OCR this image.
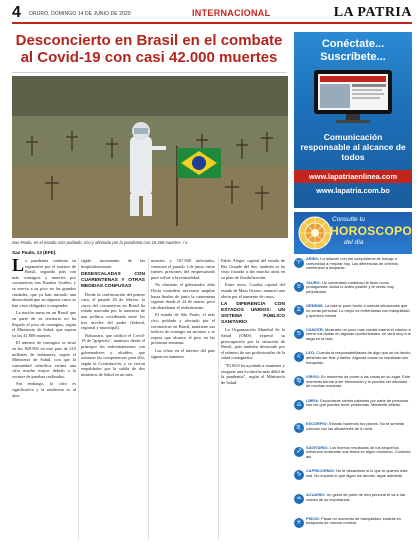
4 ORURO, DOMINGO 14 DE JUNIO DE 2020	INTERNACIONAL	LA PATRIA
Desconcierto en Brasil en el combate al Covid-19 con casi 42.000 muertes

Sao Paulo, en el estado más poblado, rico y afectado por la pandemia con 10.368 muertes. / e

Sao Paulo, 13 (EFE).
L a pandemia continúa su expansión por el interior de Brasil, segundo país con más contagios y muertes por coronavirus tras Estados Unidos, y se acerca a su pico en las grandes ciudades, que ya han iniciado una desescalada que en algunos casos se han visto obligadas a suspender.

La nación suma en un Brasil que en parte de su territorio no ha llegado al pico de contagios, según el Ministerio de Salud, que supera ya las 41.800 muertes.

El número de contagios se situó en los 829.902 en este país de 210 millones de habitantes, según el Ministerio de Salud, con que la comunidad científica estima una cifra mucho mayor debido a la escasez de pruebas realizadas.

Sin embargo, la cifra es significativa y la tendencia es al alza.

rígido incremento de las hospitalizaciones.

DESESCALADAS CON CUARENTENAS Y OTRAS MEDIDAS CONFUSAS

Desde la confirmación del primer caso, el pasado 26 de febrero, la curva del coronavirus en Brasil ha estado marcada por la ausencia de una política coordinada entre los tres niveles del poder (federal, regional y municipal).

Bolsonaro, que calificó el Covid-19 de "gripecita", mantuvo desde el principio los enfrentamientos con gobernadores y alcaldes, que tomaron las competencias para ello, según la Constitución, y se vieron respaldados por la salida de dos ministros de Salud en un mes.

muertes y 167.900 infectados, comenzó el pasado 1 de junio, entre fuertes presiones del empresariado para volver a la normalidad.

No obstante, el gobernador João Doria consideró necesario ampliar hasta finales de junio la cuarentena vigente desde el 24 de marzo, pero sin abandonar el reabrimiento.

El estado de São Paulo, el más rico, poblado y afectado por el coronavirus en Brasil, mantiene sus índices de contagio en ascenso y se espera que alcance el pico en las próximas semanas.

Las cifras en el interior del país siguen en aumento.

Pablo Alegre, capital del estado de Río Grande del Sur, también se ha visto forzada a dar marcha atrás en su plan de flexibilización.

Entre otros, Cuiabá, capital del estado de Mato Grosso, anunció una alerta por el aumento de casos.

LA DIFERENCIA CON ESTADOS UNIDOS: UN SISTEMA PÚBLICO SANITARIO

La Organización Mundial de la Salud (OMS) expresó su preocupación por la situación de Brasil, país también destacado por el número de sus profesionales de la salud contagiados.

"El SUS ha ayudado a mantener y asegurar una evolución más débil de la pandemia", según el Ministerio de Salud.

Conéctate...
Suscríbete...
Comunicación responsable al alcance de todos
www.lapatriaenlinea.com
www.lapatria.com.bo
Consulte tu
HOROSCOPO
del día
♈
ARIES: La relación con tus compañeros de trabajo o comunidad a mejorar hoy. Las diferencias de criterios comienzan a disiparse.
♉
TAURO: Un comentario malicioso te tiene como protagonista. Actúa lo antes posible y te verás muy perjudicado.
♊
GÉMINIS: La vida te pone frente a nuevas situaciones que no serás personal. Lo mejor es enfrentarlas con tranquilidad y apertura mental.
♋
CÁNCER: Mostrarte un poco más cordial traería el camino a cerrar tus dudas en algunas oportunidades, se verá muy a la larga en la vida.
♌
LEO: Cuando la responsabilidades de algo que se ha hecho, deberías ser feliz y darles. Algunas cosas no resultarán tan tranquilas.
♍
VIRGO: En momento de poner a las cosas en su lugar. Este momento tiende a ser bienvenido y te puedes ver afectado de muchas maneras.
♎
LIBRA: Escucharás ciertas palabras por parte de personas con las que puedes tener problemas. Mantente abierto.
♏
ESCORPIO: Estarás haciendo tus planes. No te sentirás cómodo con las situaciones de tu vida.
♐
SAGITARIO: Los buenos resultados de tus pequeños esfuerzos mostrarán sus frutos en algún momento. Continúa así.
♑
CAPRICORNIO: No te desanimes si lo que tú quieres está mal. No importa lo que digan los demás, sigue adelante.
♒
ACUARIO: Un gesto de parte de otra persona te va a dar cuenta de su importancia.
♓
PISCIS: Pasar un momento de tranquilidad, estarás en búsqueda de nuevos rumbos.
